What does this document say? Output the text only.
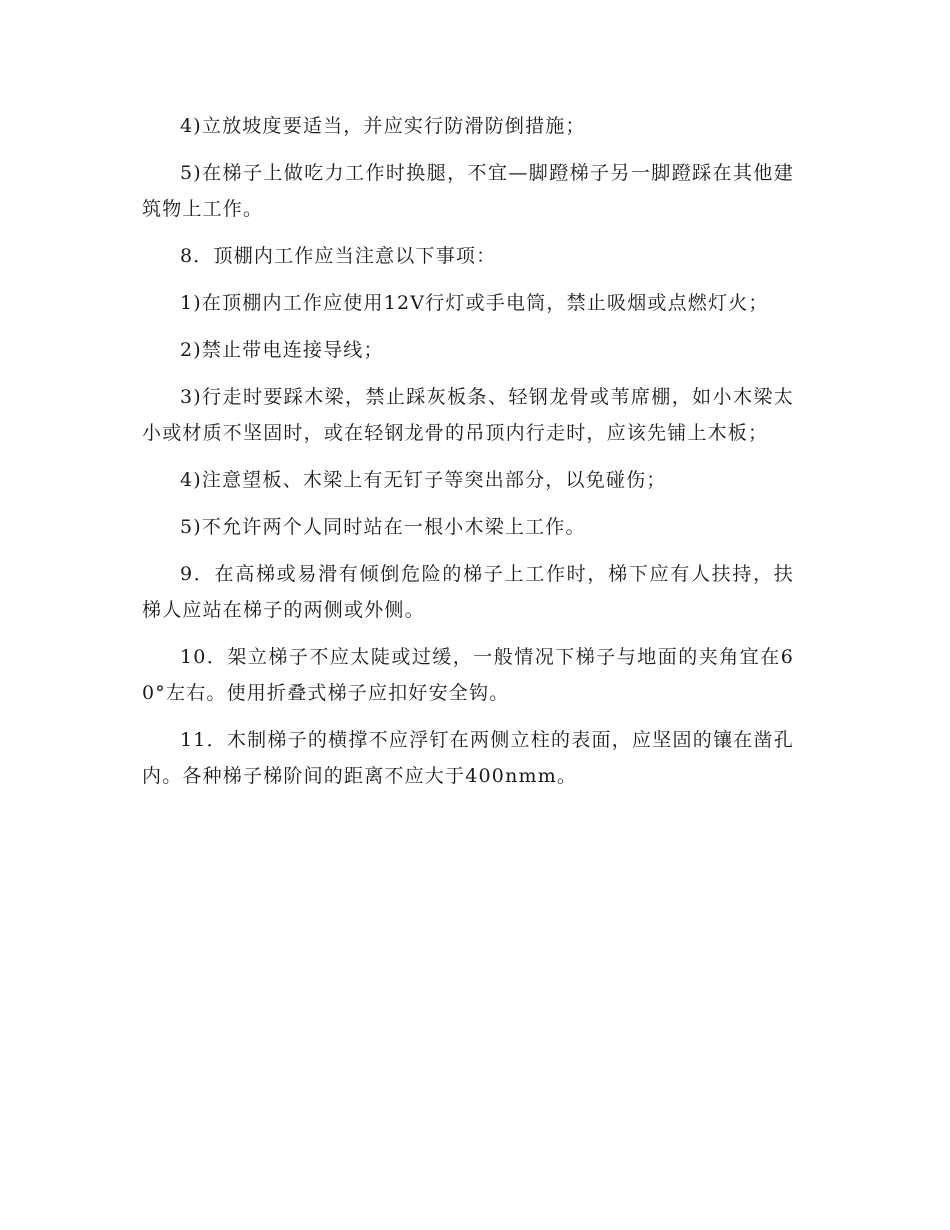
4)立放坡度要适当，并应实行防滑防倒措施；

5)在梯子上做吃力工作时换腿，不宜—脚蹬梯子另一脚蹬踩在其他建筑物上工作。

8．顶棚内工作应当注意以下事项：

1)在顶棚内工作应使用12V行灯或手电筒，禁止吸烟或点燃灯火；

2)禁止带电连接导线；

3)行走时要踩木梁，禁止踩灰板条、轻钢龙骨或苇席棚，如小木梁太小或材质不坚固时，或在轻钢龙骨的吊顶内行走时，应该先铺上木板；

4)注意望板、木梁上有无钉子等突出部分，以免碰伤；

5)不允许两个人同时站在一根小木梁上工作。

9．在高梯或易滑有倾倒危险的梯子上工作时，梯下应有人扶持，扶梯人应站在梯子的两侧或外侧。

10．架立梯子不应太陡或过缓，一般情况下梯子与地面的夹角宜在60°左右。使用折叠式梯子应扣好安全钩。

11．木制梯子的横撑不应浮钉在两侧立柱的表面，应坚固的镶在凿孔内。各种梯子梯阶间的距离不应大于400nmm。
